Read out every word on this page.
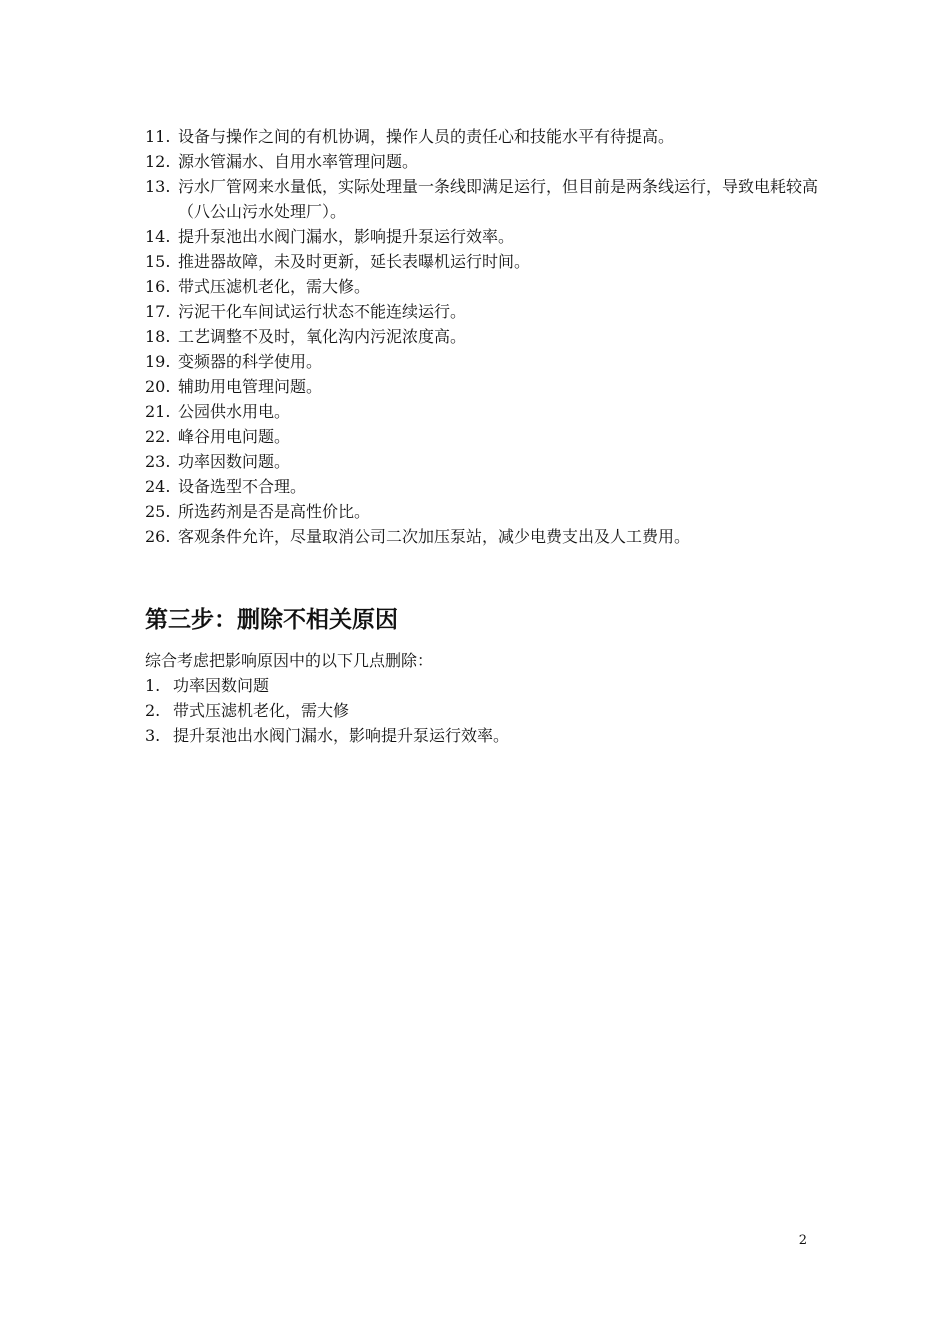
11. 设备与操作之间的有机协调，操作人员的责任心和技能水平有待提高。
12. 源水管漏水、自用水率管理问题。
13. 污水厂管网来水量低，实际处理量一条线即满足运行，但目前是两条线运行，导致电耗较高（八公山污水处理厂）。
14. 提升泵池出水阀门漏水，影响提升泵运行效率。
15. 推进器故障，未及时更新，延长表曝机运行时间。
16. 带式压滤机老化，需大修。
17. 污泥干化车间试运行状态不能连续运行。
18. 工艺调整不及时，氧化沟内污泥浓度高。
19. 变频器的科学使用。
20. 辅助用电管理问题。
21. 公园供水用电。
22. 峰谷用电问题。
23. 功率因数问题。
24. 设备选型不合理。
25. 所选药剂是否是高性价比。
26. 客观条件允许，尽量取消公司二次加压泵站，减少电费支出及人工费用。
第三步：删除不相关原因

综合考虑把影响原因中的以下几点删除：

1. 功率因数问题
2. 带式压滤机老化，需大修
3. 提升泵池出水阀门漏水，影响提升泵运行效率。
2
